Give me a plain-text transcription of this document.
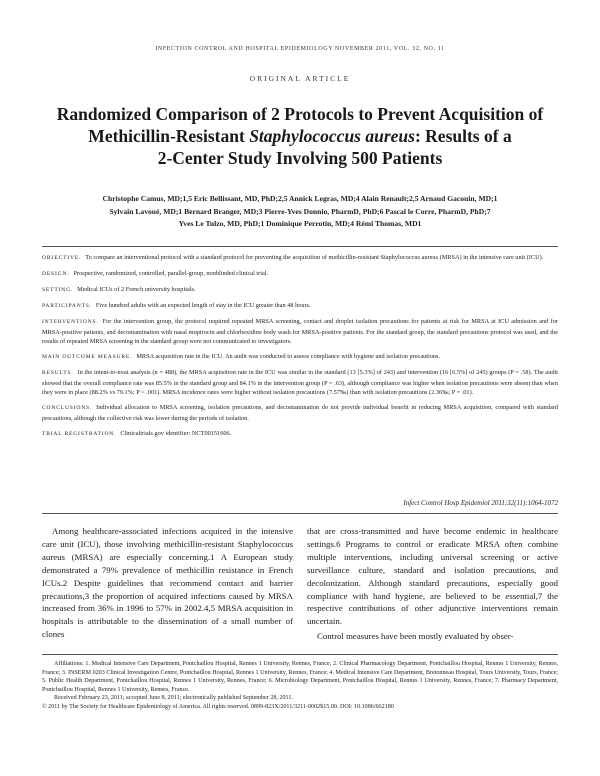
INFECTION CONTROL AND HOSPITAL EPIDEMIOLOGY NOVEMBER 2011, VOL. 32, NO. 11
ORIGINAL ARTICLE
Randomized Comparison of 2 Protocols to Prevent Acquisition of
Methicillin-Resistant Staphylococcus aureus: Results of a
2-Center Study Involving 500 Patients
Christophe Camus, MD;1,5 Eric Bellissant, MD, PhD;2,5 Annick Legras, MD;4 Alain Renault;2,5 Arnaud Gacouin, MD;1
Sylvain Lavoué, MD;1 Bernard Branger, MD;3 Pierre-Yves Donnio, PharmD, PhD;6 Pascal le Corre, PharmD, PhD;7
Yves Le Tulzo, MD, PhD;1 Dominique Perrotin, MD;4 Rémi Thomas, MD1

OBJECTIVE. To compare an interventional protocol with a standard protocol for preventing the acquisition of methicillin-resistant Staphylococcus aureus (MRSA) in the intensive care unit (ICU).

DESIGN. Prospective, randomized, controlled, parallel-group, nonblinded clinical trial.

SETTING. Medical ICUs of 2 French university hospitals.

PARTICIPANTS. Five hundred adults with an expected length of stay in the ICU greater than 48 hours.

INTERVENTIONS. For the intervention group, the protocol required repeated MRSA screening, contact and droplet isolation precautions for patients at risk for MRSA at ICU admission and for MRSA-positive patients, and decontamination with nasal mupirocin and chlorhexidine body wash for MRSA-positive patients. For the standard group, the standard precautions protocol was used, and the results of repeated MRSA screening in the standard group were not communicated to investigators.

MAIN OUTCOME MEASURE. MRSA acquisition rate in the ICU. An audit was conducted to assess compliance with hygiene and isolation precautions.

RESULTS. In the intent-to-treat analysis (n = 488), the MRSA acquisition rate in the ICU was similar in the standard (13 [5.3%] of 243) and intervention (16 [6.5%] of 245) groups (P = .58). The audit showed that the overall compliance rate was 85.5% in the standard group and 84.1% in the intervention group (P = .63), although compliance was higher when isolation precautions were absent than when they were in place (88.2% vs 79.1%; P < .001). MRSA incidence rates were higher without isolation precautions (7.57‰) than with isolation precautions (2.36‰; P = .01).

CONCLUSIONS. Individual allocation to MRSA screening, isolation precautions, and decontamination do not provide individual benefit in reducing MRSA acquisition, compared with standard precautions, although the collective risk was lower during the periods of isolation.

TRIAL REGISTRATION. Clinicaltrials.gov identifier: NCT00151606.

Infect Control Hosp Epidemiol 2011;32(11):1064-1072

Among healthcare-associated infections acquired in the intensive care unit (ICU), those involving methicillin-resistant Staphylococcus aureus (MRSA) are especially concerning.1 A European study demonstrated a 79% prevalence of methicillin resistance in French ICUs.2 Despite guidelines that recommend contact and barrier precautions,3 the proportion of acquired infections caused by MRSA increased from 36% in 1996 to 57% in 2002.4,5 MRSA acquisition in hospitals is attributable to the dissemination of a small number of clones

that are cross-transmitted and have become endemic in healthcare settings.6 Programs to control or eradicate MRSA often combine multiple interventions, including universal screening or active surveillance culture, standard and isolation precautions, and decolonization. Although standard precautions, especially good compliance with hand hygiene, are believed to be essential,7 the respective contributions of other adjunctive interventions remain uncertain.

Control measures have been mostly evaluated by obser-

Affiliations: 1. Medical Intensive Care Department, Pontchaillou Hospital, Rennes 1 University, Rennes, France; 2. Clinical Pharmacology Department, Pontchaillou Hospital, Rennes 1 University, Rennes, France; 3. INSERM 0203 Clinical Investigation Centre, Pontchaillou Hospital, Rennes 1 University, Rennes, France; 4. Medical Intensive Care Department, Bretonneau Hospital, Tours University, Tours, France; 5. Public Health Department, Pontchaillou Hospital, Rennes 1 University, Rennes, France; 6. Microbiology Department, Pontchaillou Hospital, Rennes 1 University, Rennes, France; 7. Pharmacy Department, Pontchaillou Hospital, Rennes 1 University, Rennes, France.

Received February 23, 2011; accepted June 8, 2011; electronically published September 28, 2011.

© 2011 by The Society for Healthcare Epidemiology of America. All rights reserved. 0899-823X/2011/3211-0002$15.00. DOI: 10.1086/662180
